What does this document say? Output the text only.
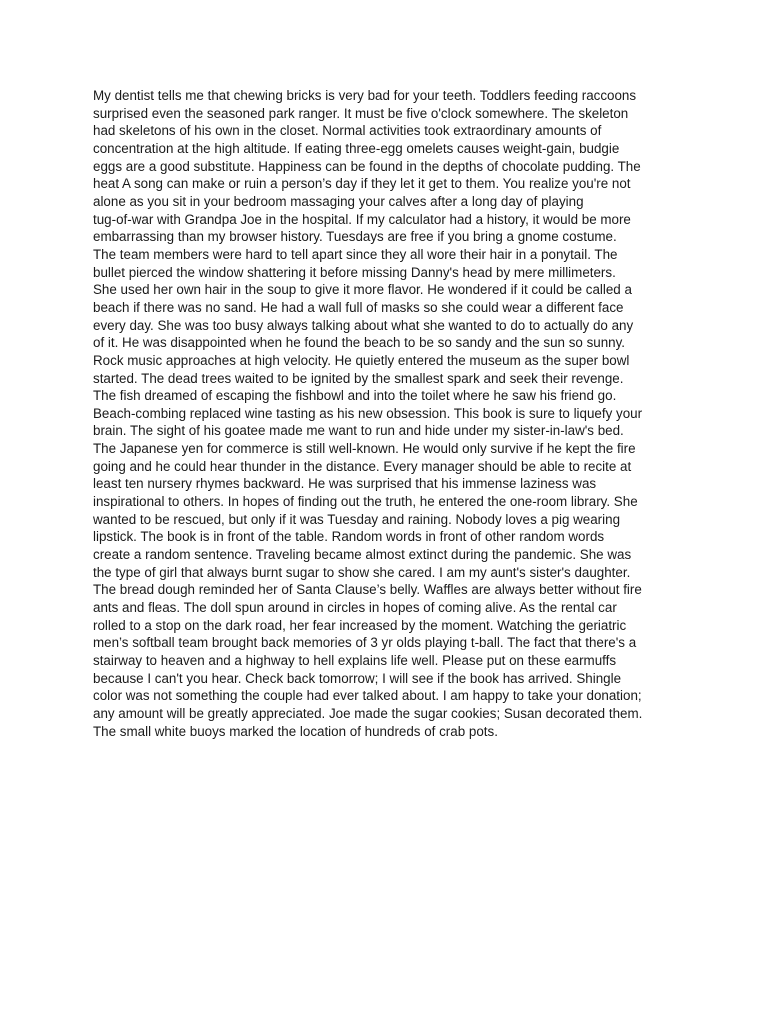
My dentist tells me that chewing bricks is very bad for your teeth. Toddlers feeding raccoons
surprised even the seasoned park ranger. It must be five o'clock somewhere. The skeleton
had skeletons of his own in the closet. Normal activities took extraordinary amounts of
concentration at the high altitude. If eating three-egg omelets causes weight-gain, budgie
eggs are a good substitute. Happiness can be found in the depths of chocolate pudding. The
heat A song can make or ruin a person’s day if they let it get to them. You realize you're not
alone as you sit in your bedroom massaging your calves after a long day of playing
tug-of-war with Grandpa Joe in the hospital. If my calculator had a history, it would be more
embarrassing than my browser history. Tuesdays are free if you bring a gnome costume.
The team members were hard to tell apart since they all wore their hair in a ponytail. The
bullet pierced the window shattering it before missing Danny's head by mere millimeters.
She used her own hair in the soup to give it more flavor. He wondered if it could be called a
beach if there was no sand. He had a wall full of masks so she could wear a different face
every day. She was too busy always talking about what she wanted to do to actually do any
of it. He was disappointed when he found the beach to be so sandy and the sun so sunny.
Rock music approaches at high velocity. He quietly entered the museum as the super bowl
started. The dead trees waited to be ignited by the smallest spark and seek their revenge.
The fish dreamed of escaping the fishbowl and into the toilet where he saw his friend go.
Beach-combing replaced wine tasting as his new obsession. This book is sure to liquefy your
brain. The sight of his goatee made me want to run and hide under my sister-in-law's bed.
The Japanese yen for commerce is still well-known. He would only survive if he kept the fire
going and he could hear thunder in the distance. Every manager should be able to recite at
least ten nursery rhymes backward. He was surprised that his immense laziness was
inspirational to others. In hopes of finding out the truth, he entered the one-room library. She
wanted to be rescued, but only if it was Tuesday and raining. Nobody loves a pig wearing
lipstick. The book is in front of the table. Random words in front of other random words
create a random sentence. Traveling became almost extinct during the pandemic. She was
the type of girl that always burnt sugar to show she cared. I am my aunt's sister's daughter.
The bread dough reminded her of Santa Clause’s belly. Waffles are always better without fire
ants and fleas. The doll spun around in circles in hopes of coming alive. As the rental car
rolled to a stop on the dark road, her fear increased by the moment. Watching the geriatric
men’s softball team brought back memories of 3 yr olds playing t-ball. The fact that there's a
stairway to heaven and a highway to hell explains life well. Please put on these earmuffs
because I can't you hear. Check back tomorrow; I will see if the book has arrived. Shingle
color was not something the couple had ever talked about. I am happy to take your donation;
any amount will be greatly appreciated. Joe made the sugar cookies; Susan decorated them.
The small white buoys marked the location of hundreds of crab pots.
